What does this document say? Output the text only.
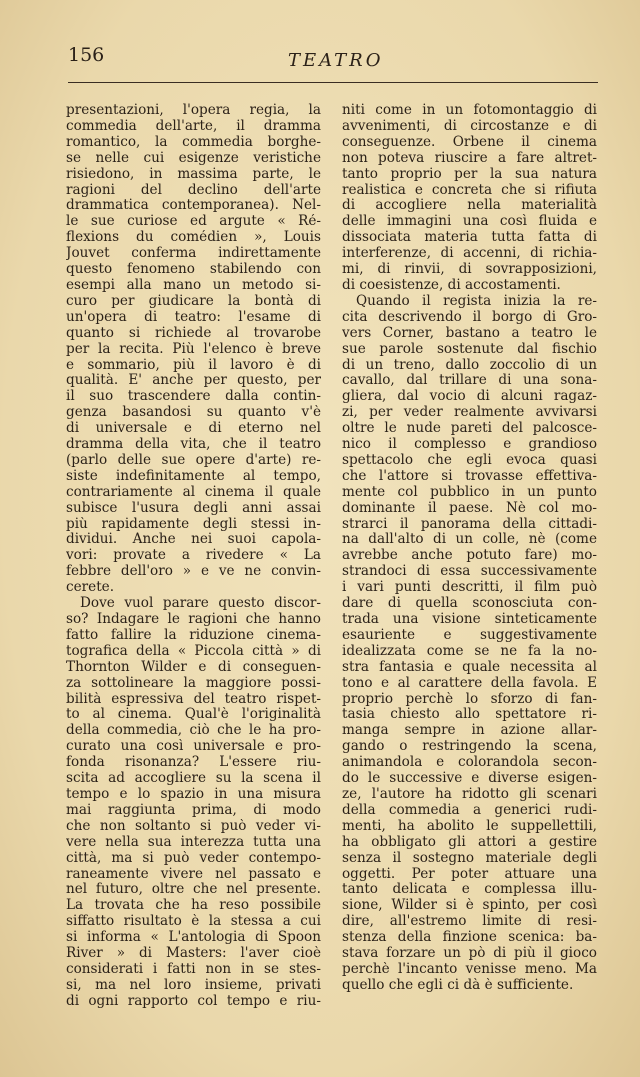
156	TEATRO
presentazioni, l'opera regia, la
commedia dell'arte, il dramma
romantico, la commedia borghe-
se nelle cui esigenze veristiche
risiedono, in massima parte, le
ragioni del declino dell'arte
drammatica contemporanea). Nel-
le sue curiose ed argute « Ré-
flexions du comédien », Louis
Jouvet conferma indirettamente
questo fenomeno stabilendo con
esempi alla mano un metodo si-
curo per giudicare la bontà di
un'opera di teatro: l'esame di
quanto si richiede al trovarobe
per la recita. Più l'elenco è breve
e sommario, più il lavoro è di
qualità. E' anche per questo, per
il suo trascendere dalla contin-
genza basandosi su quanto v'è
di universale e di eterno nel
dramma della vita, che il teatro
(parlo delle sue opere d'arte) re-
siste indefinitamente al tempo,
contrariamente al cinema il quale
subisce l'usura degli anni assai
più rapidamente degli stessi in-
dividui. Anche nei suoi capola-
vori: provate a rivedere « La
febbre dell'oro » e ve ne convin-
cerete.
Dove vuol parare questo discor-
so? Indagare le ragioni che hanno
fatto fallire la riduzione cinema-
tografica della « Piccola città » di
Thornton Wilder e di conseguen-
za sottolineare la maggiore possi-
bilità espressiva del teatro rispet-
to al cinema. Qual'è l'originalità
della commedia, ciò che le ha pro-
curato una così universale e pro-
fonda risonanza? L'essere riu-
scita ad accogliere su la scena il
tempo e lo spazio in una misura
mai raggiunta prima, di modo
che non soltanto si può veder vi-
vere nella sua interezza tutta una
città, ma si può veder contempo-
raneamente vivere nel passato e
nel futuro, oltre che nel presente.
La trovata che ha reso possibile
siffatto risultato è la stessa a cui
si informa « L'antologia di Spoon
River » di Masters: l'aver cioè
considerati i fatti non in se stes-
si, ma nel loro insieme, privati
di ogni rapporto col tempo e riu-
niti come in un fotomontaggio di
avvenimenti, di circostanze e di
conseguenze. Orbene il cinema
non poteva riuscire a fare altret-
tanto proprio per la sua natura
realistica e concreta che si rifiuta
di accogliere nella materialità
delle immagini una così fluida e
dissociata materia tutta fatta di
interferenze, di accenni, di richia-
mi, di rinvii, di sovrapposizioni,
di coesistenze, di accostamenti.
Quando il regista inizia la re-
cita descrivendo il borgo di Gro-
vers Corner, bastano a teatro le
sue parole sostenute dal fischio
di un treno, dallo zoccolio di un
cavallo, dal trillare di una sona-
gliera, dal vocio di alcuni ragaz-
zi, per veder realmente avvivarsi
oltre le nude pareti del palcosce-
nico il complesso e grandioso
spettacolo che egli evoca quasi
che l'attore si trovasse effettiva-
mente col pubblico in un punto
dominante il paese. Nè col mo-
strarci il panorama della cittadi-
na dall'alto di un colle, nè (come
avrebbe anche potuto fare) mo-
strandoci di essa successivamente
i vari punti descritti, il film può
dare di quella sconosciuta con-
trada una visione sinteticamente
esauriente e suggestivamente
idealizzata come se ne fa la no-
stra fantasia e quale necessita al
tono e al carattere della favola. E
proprio perchè lo sforzo di fan-
tasia chiesto allo spettatore ri-
manga sempre in azione allar-
gando o restringendo la scena,
animandola e colorandola secon-
do le successive e diverse esigen-
ze, l'autore ha ridotto gli scenari
della commedia a generici rudi-
menti, ha abolito le suppellettili,
ha obbligato gli attori a gestire
senza il sostegno materiale degli
oggetti. Per poter attuare una
tanto delicata e complessa illu-
sione, Wilder si è spinto, per così
dire, all'estremo limite di resi-
stenza della finzione scenica: ba-
stava forzare un pò di più il gioco
perchè l'incanto venisse meno. Ma
quello che egli ci dà è sufficiente.
